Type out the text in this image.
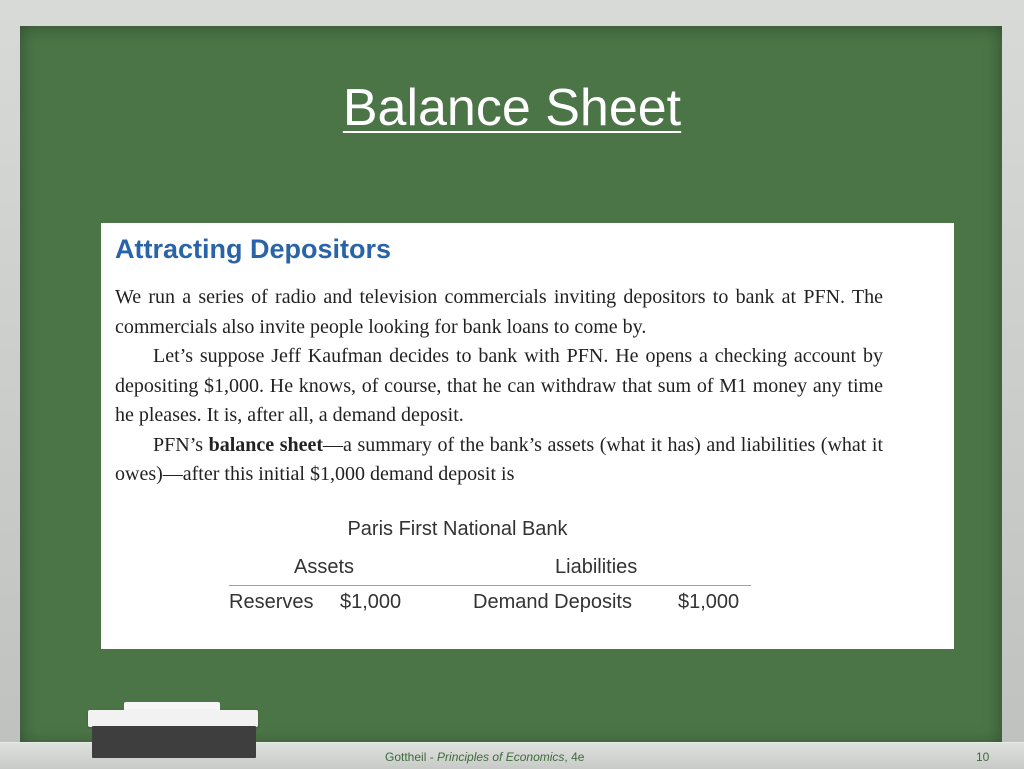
Balance Sheet
Attracting Depositors

We run a series of radio and television commercials inviting depositors to bank at PFN. The commercials also invite people looking for bank loans to come by.

Let’s suppose Jeff Kaufman decides to bank with PFN. He opens a checking account by depositing $1,000. He knows, of course, that he can withdraw that sum of M1 money any time he pleases. It is, after all, a demand deposit.

PFN’s balance sheet—a summary of the bank’s assets (what it has) and liabilities (what it owes)—after this initial $1,000 demand deposit is

Paris First National Bank
Assets	Liabilities
Reserves $1,000	Demand Deposits $1,000
Gottheil - Principles of Economics, 4e	10
